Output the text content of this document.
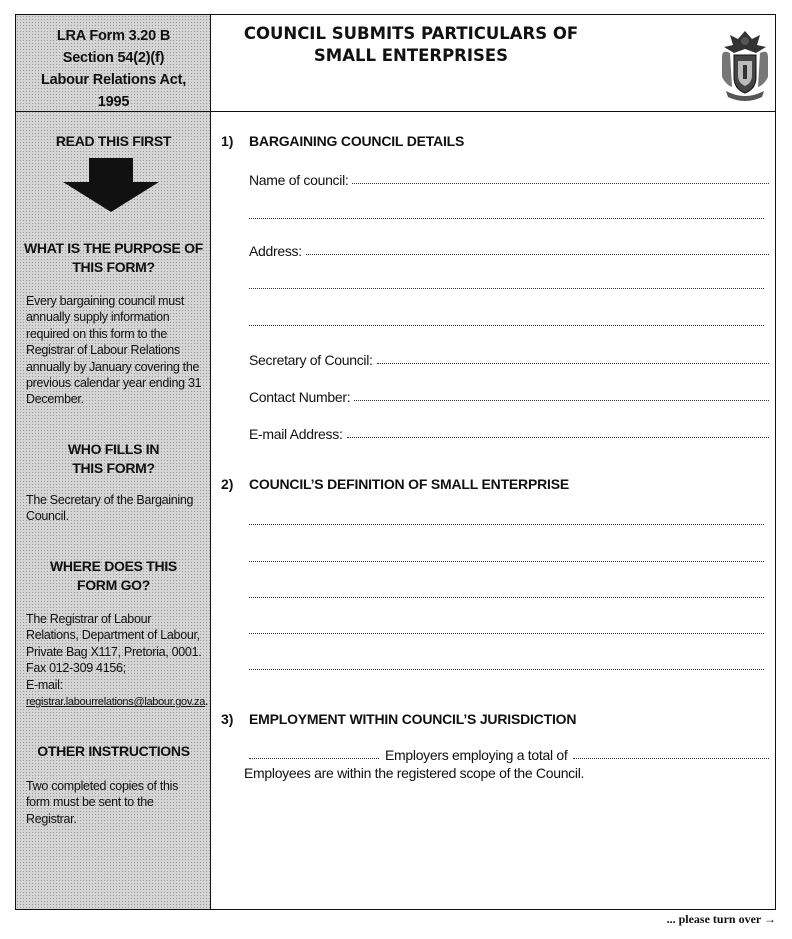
LRA Form 3.20 B
Section 54(2)(f)
Labour Relations Act,
1995
READ THIS FIRST
WHAT IS THE PURPOSE OF
THIS FORM?
Every bargaining council must
annually supply information
required on this form to the
Registrar of Labour Relations
annually by January covering the
previous calendar year ending 31
December.
WHO FILLS IN
THIS FORM?
The Secretary of the Bargaining
Council.
WHERE DOES THIS
FORM GO?
The Registrar of Labour
Relations, Department of Labour,
Private Bag X117, Pretoria, 0001.
Fax 012-309 4156;
E-mail:
registrar.labourrelations@labour.gov.za.
OTHER INSTRUCTIONS
Two completed copies of this
form must be sent to the
Registrar.
COUNCIL SUBMITS PARTICULARS OF
SMALL ENTERPRISES
1) BARGAINING COUNCIL DETAILS
Name of council:
Address:
Secretary of Council:
Contact Number:
E-mail Address:
2) COUNCIL’S DEFINITION OF SMALL ENTERPRISE
3) EMPLOYMENT WITHIN COUNCIL’S JURISDICTION
Employers employing a total of
Employees are within the registered scope of the Council.
... please turn over →
